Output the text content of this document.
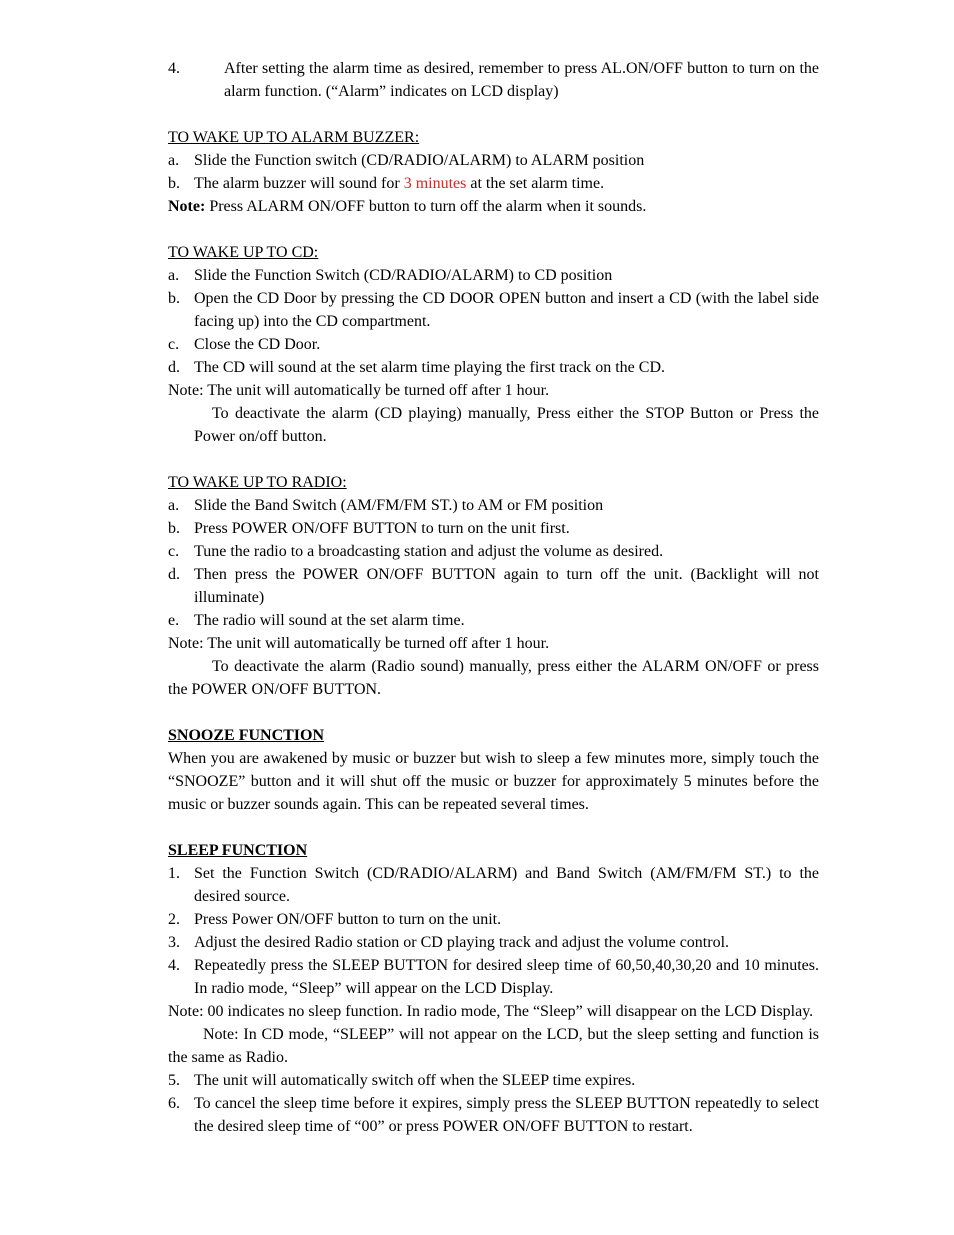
4.	After setting the alarm time as desired, remember to press AL.ON/OFF button to turn on the alarm function. (“Alarm” indicates on LCD display)
TO WAKE UP TO ALARM BUZZER:
a. Slide the Function switch (CD/RADIO/ALARM) to ALARM position
b. The alarm buzzer will sound for 3 minutes at the set alarm time.
Note: Press ALARM ON/OFF button to turn off the alarm when it sounds.
TO WAKE UP TO CD:
a. Slide the Function Switch (CD/RADIO/ALARM) to CD position
b. Open the CD Door by pressing the CD DOOR OPEN button and insert a CD (with the label side facing up) into the CD compartment.
c. Close the CD Door.
d. The CD will sound at the set alarm time playing the first track on the CD.
Note: The unit will automatically be turned off after 1 hour.
To deactivate the alarm (CD playing) manually, Press either the STOP Button or Press the Power on/off button.
TO WAKE UP TO RADIO:
a. Slide the Band Switch (AM/FM/FM ST.) to AM or FM position
b. Press POWER ON/OFF BUTTON to turn on the unit first.
c. Tune the radio to a broadcasting station and adjust the volume as desired.
d. Then press the POWER ON/OFF BUTTON again to turn off the unit. (Backlight will not illuminate)
e. The radio will sound at the set alarm time.
Note: The unit will automatically be turned off after 1 hour.
To deactivate the alarm (Radio sound) manually, press either the ALARM ON/OFF or press the POWER ON/OFF BUTTON.
SNOOZE FUNCTION
When you are awakened by music or buzzer but wish to sleep a few minutes more, simply touch the “SNOOZE” button and it will shut off the music or buzzer for approximately 5 minutes before the music or buzzer sounds again. This can be repeated several times.
SLEEP FUNCTION
1. Set the Function Switch (CD/RADIO/ALARM) and Band Switch (AM/FM/FM ST.) to the desired source.
2. Press Power ON/OFF button to turn on the unit.
3. Adjust the desired Radio station or CD playing track and adjust the volume control.
4. Repeatedly press the SLEEP BUTTON for desired sleep time of 60,50,40,30,20 and 10 minutes. In radio mode, “Sleep” will appear on the LCD Display.
Note: 00 indicates no sleep function. In radio mode, The “Sleep” will disappear on the LCD Display.
Note: In CD mode, “SLEEP” will not appear on the LCD, but the sleep setting and function is the same as Radio.
5. The unit will automatically switch off when the SLEEP time expires.
6. To cancel the sleep time before it expires, simply press the SLEEP BUTTON repeatedly to select the desired sleep time of “00” or press POWER ON/OFF BUTTON to restart.
